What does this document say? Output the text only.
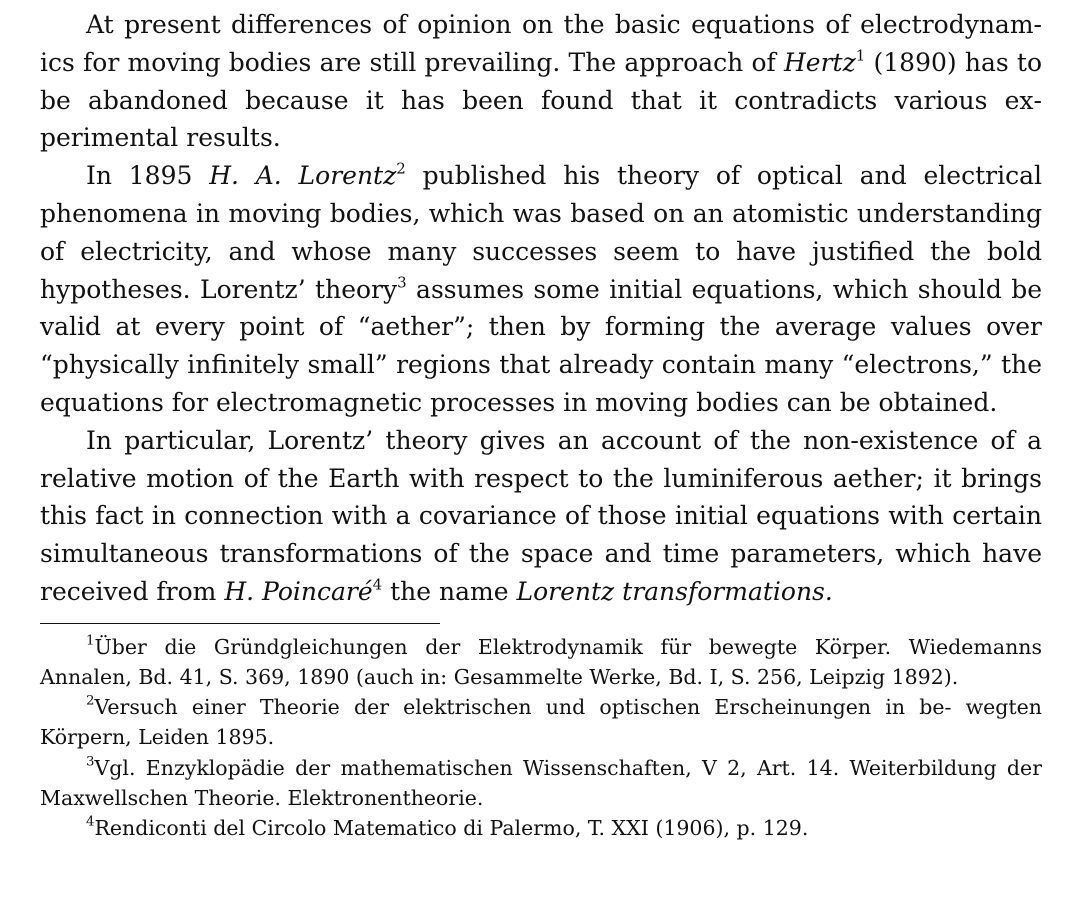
At present differences of opinion on the basic equations of electrodynamics for moving bodies are still prevailing. The approach of Hertz$^1$ (1890) has to be abandoned because it has been found that it contradicts various experimental results.

In 1895 H. A. Lorentz$^2$ published his theory of optical and electrical phenomena in moving bodies, which was based on an atomistic understanding of electricity, and whose many successes seem to have justified the bold hypotheses. Lorentz’ theory$^3$ assumes some initial equations, which should be valid at every point of “aether”; then by forming the average values over “physically infinitely small” regions that already contain many “electrons,” the equations for electromagnetic processes in moving bodies can be obtained.

In particular, Lorentz’ theory gives an account of the non-existence of a relative motion of the Earth with respect to the luminiferous aether; it brings this fact in connection with a covariance of those initial equations with certain simultaneous transformations of the space and time parameters, which have received from H. Poincaré$^4$ the name Lorentz transformations.

$^1$Über die Gründgleichungen der Elektrodynamik für bewegte Körper. Wiedemanns Annalen, Bd. 41, S. 369, 1890 (auch in: Gesammelte Werke, Bd. I, S. 256, Leipzig 1892).

$^2$Versuch einer Theorie der elektrischen und optischen Erscheinungen in be- wegten Körpern, Leiden 1895.

$^3$Vgl. Enzyklopädie der mathematischen Wissenschaften, V 2, Art. 14. Weiterbildung der Maxwellschen Theorie. Elektronentheorie.

$^4$Rendiconti del Circolo Matematico di Palermo, T. XXI (1906), p. 129.
